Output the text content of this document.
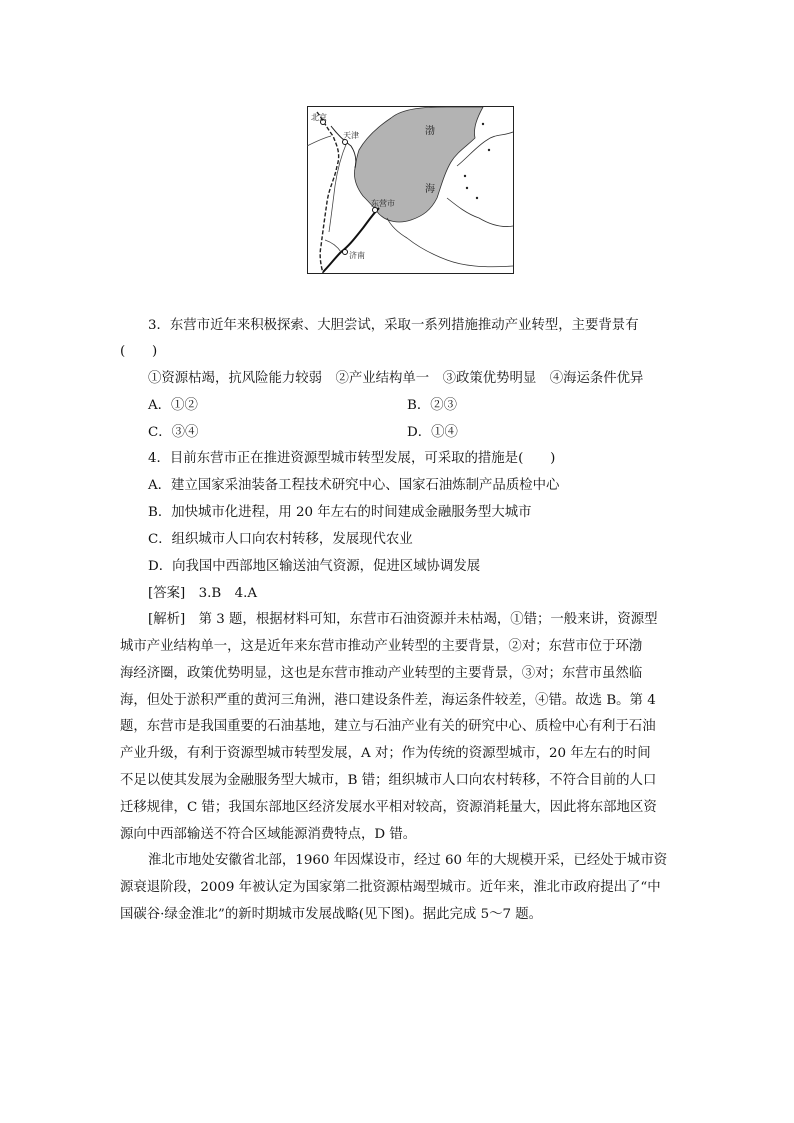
渤
海
北京
天津
东营市
济南
3．东营市近年来积极探索、大胆尝试，采取一系列措施推动产业转型，主要背景有
(　　)
①资源枯竭，抗风险能力较弱　②产业结构单一　③政策优势明显　④海运条件优异
A．①②	B．②③
C．③④	D．①④
4．目前东营市正在推进资源型城市转型发展，可采取的措施是(　　)
A．建立国家采油装备工程技术研究中心、国家石油炼制产品质检中心
B．加快城市化进程，用 20 年左右的时间建成金融服务型大城市
C．组织城市人口向农村转移，发展现代农业
D．向我国中西部地区输送油气资源，促进区域协调发展
[答案]　3.B　4.A
[解析]　第 3 题，根据材料可知，东营市石油资源并未枯竭，①错；一般来讲，资源型
城市产业结构单一，这是近年来东营市推动产业转型的主要背景，②对；东营市位于环渤
海经济圈，政策优势明显，这也是东营市推动产业转型的主要背景，③对；东营市虽然临
海，但处于淤积严重的黄河三角洲，港口建设条件差，海运条件较差，④错。故选 B。第 4
题，东营市是我国重要的石油基地，建立与石油产业有关的研究中心、质检中心有利于石油
产业升级，有利于资源型城市转型发展，A 对；作为传统的资源型城市，20 年左右的时间
不足以使其发展为金融服务型大城市，B 错；组织城市人口向农村转移，不符合目前的人口
迁移规律，C 错；我国东部地区经济发展水平相对较高，资源消耗量大，因此将东部地区资
源向中西部输送不符合区域能源消费特点，D 错。
淮北市地处安徽省北部，1960 年因煤设市，经过 60 年的大规模开采，已经处于城市资
源衰退阶段，2009 年被认定为国家第二批资源枯竭型城市。近年来，淮北市政府提出了“中
国碳谷·绿金淮北”的新时期城市发展战略(见下图)。据此完成 5～7 题。
